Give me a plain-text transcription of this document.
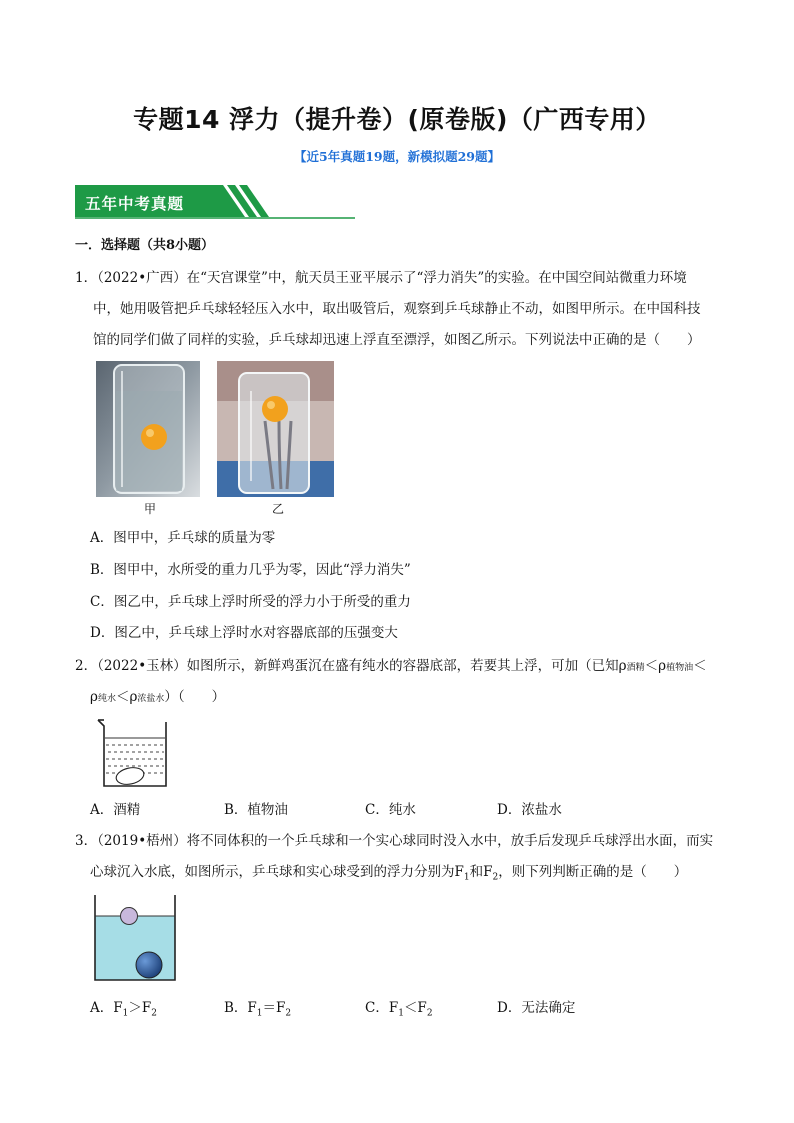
专题14 浮力（提升卷）(原卷版)（广西专用）
【近5年真题19题，新模拟题29题】
五年中考真题
一．选择题（共8小题）
1．（2022•广西）在“天宫课堂”中，航天员王亚平展示了“浮力消失”的实验。在中国空间站微重力环境
中，她用吸管把乒乓球轻轻压入水中，取出吸管后，观察到乒乓球静止不动，如图甲所示。在中国科技
馆的同学们做了同样的实验，乒乓球却迅速上浮直至漂浮，如图乙所示。下列说法中正确的是（　　）
甲	乙
A．图甲中，乒乓球的质量为零
B．图甲中，水所受的重力几乎为零，因此“浮力消失”
C．图乙中，乒乓球上浮时所受的浮力小于所受的重力
D．图乙中，乒乓球上浮时水对容器底部的压强变大
2．（2022•玉林）如图所示，新鲜鸡蛋沉在盛有纯水的容器底部，若要其上浮，可加（已知ρ酒精＜ρ植物油＜
ρ纯水＜ρ浓盐水）（　　）
A．酒精	B．植物油	C．纯水	D．浓盐水
3．（2019•梧州）将不同体积的一个乒乓球和一个实心球同时没入水中，放手后发现乒乓球浮出水面，而实
心球沉入水底，如图所示，乒乓球和实心球受到的浮力分别为$F_1$和$F_2$，则下列判断正确的是（　　）
A．$F_1>F_2$	B．$F_1=F_2$	C．$F_1<F_2$	D．无法确定
